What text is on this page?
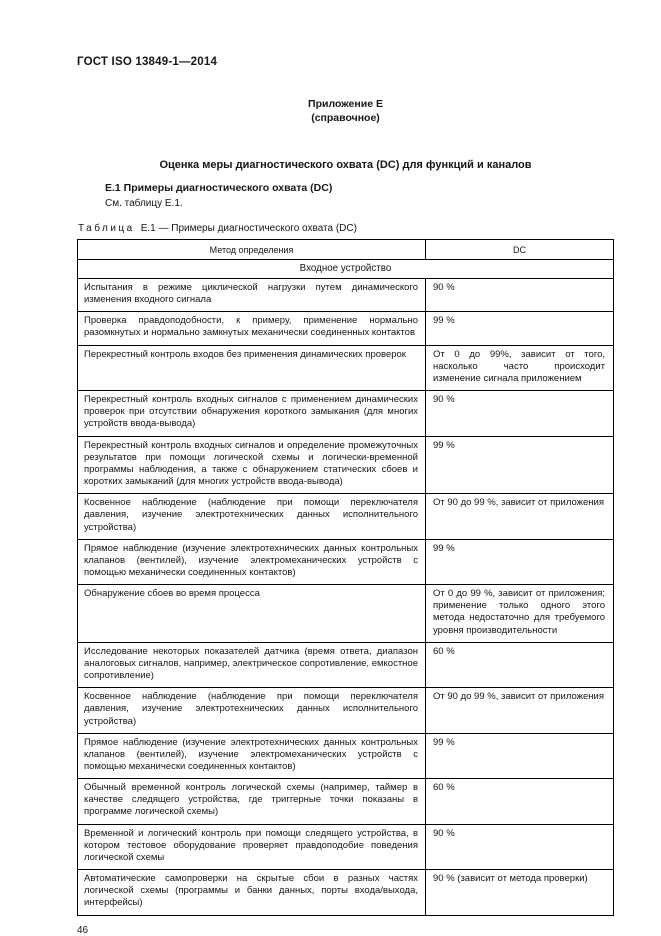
ГОСТ ISO 13849-1—2014
Приложение Е
(справочное)
Оценка меры диагностического охвата (DC) для функций и каналов
Е.1 Примеры диагностического охвата (DC)
См. таблицу Е.1.
Таблица Е.1 — Примеры диагностического охвата (DC)
Метод определения	DC
Входное устройство	
Испытания в режиме циклической нагрузки путем динамического изменения входного сигнала	90 %
Проверка правдоподобности, к примеру, применение нормально разомкнутых и нормально замкнутых механически соединенных контактов	99 %
Перекрестный контроль входов без применения динамических проверок	От 0 до 99%, зависит от того, насколько часто происходит изменение сигнала приложением
Перекрестный контроль входных сигналов с применением динамических проверок при отсутствии обнаружения короткого замыкания (для многих устройств ввода-вывода)	90 %
Перекрестный контроль входных сигналов и определение промежуточных результатов при помощи логической схемы и логически-временной программы наблюдения, а также с обнаружением статических сбоев и коротких замыканий (для многих устройств ввода-вывода)	99 %
Косвенное наблюдение (наблюдение при помощи переключателя давления, изучение электротехнических данных исполнительного устройства)	От 90 до 99 %, зависит от приложения
Прямое наблюдение (изучение электротехнических данных контрольных клапанов (вентилей), изучение электромеханических устройств с помощью механически соединенных контактов)	99 %
Обнаружение сбоев во время процесса	От 0 до 99 %, зависит от приложения; применение только одного этого метода недостаточно для требуемого уровня производительности
Исследование некоторых показателей датчика (время ответа, диапазон аналоговых сигналов, например, электрическое сопротивление, емкостное сопротивление)	60 %
Косвенное наблюдение (наблюдение при помощи переключателя давления, изучение электротехнических данных исполнительного устройства)	От 90 до 99 %, зависит от приложения
Прямое наблюдение (изучение электротехнических данных контрольных клапанов (вентилей), изучение электромеханических устройств с помощью механически соединенных контактов)	99 %
Обычный временной контроль логической схемы (например, таймер в качестве следящего устройства, где триггерные точки показаны в программе логической схемы)	60 %
Временной и логический контроль при помощи следящего устройства, в котором тестовое оборудование проверяет правдоподобие поведения логической схемы	90 %
Автоматические самопроверки на скрытые сбои в разных частях логической схемы (программы и банки данных, порты входа/выхода, интерфейсы)	90 % (зависит от метода проверки)
46
